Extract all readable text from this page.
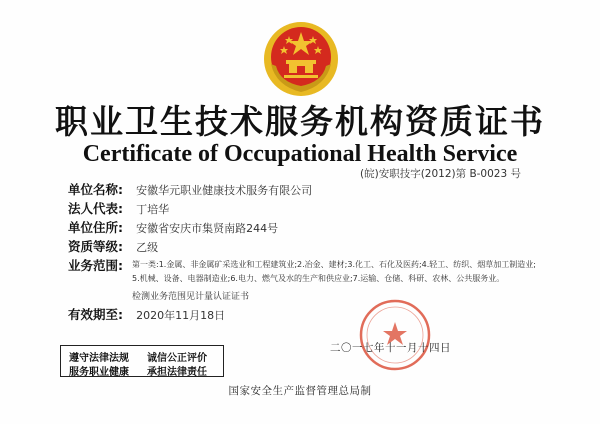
职业卫生技术服务机构资质证书
Certificate of Occupational Health Service
(皖)安职技字(2012)第 B-0023 号
单位名称: 安徽华元职业健康技术服务有限公司
法人代表: 丁培华
单位住所: 安徽省安庆市集贤南路244号
资质等级: 乙级
业务范围:	第一类:1.金属、非金属矿采选业和工程建筑业;2.冶金、建材;3.化工、石化及医药;4.轻工、纺织、烟草加工制造业;
5.机械、设备、电器制造业;6.电力、燃气及水的生产和供应业;7.运输、仓储、科研、农林、公共服务业。
检测业务范围见计量认证证书
有效期至: 2020年11月18日
二〇一七年十一月十四日
遵守法律法规 诚信公正评价
服务职业健康 承担法律责任
国家安全生产监督管理总局制
